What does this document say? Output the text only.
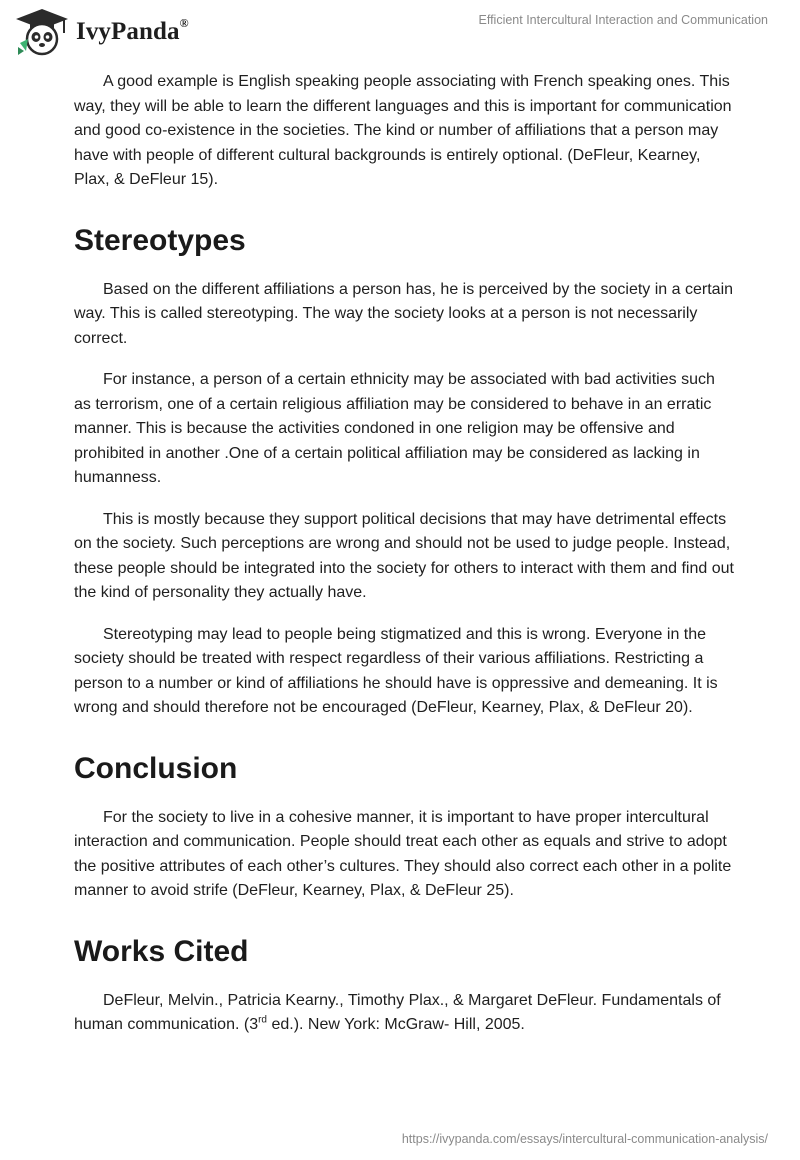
IvyPanda®	Efficient Intercultural Interaction and Communication

A good example is English speaking people associating with French speaking ones. This way, they will be able to learn the different languages and this is important for communication and good co-existence in the societies. The kind or number of affiliations that a person may have with people of different cultural backgrounds is entirely optional. (DeFleur, Kearney, Plax, & DeFleur 15).

Stereotypes

Based on the different affiliations a person has, he is perceived by the society in a certain way. This is called stereotyping. The way the society looks at a person is not necessarily correct.

For instance, a person of a certain ethnicity may be associated with bad activities such as terrorism, one of a certain religious affiliation may be considered to behave in an erratic manner. This is because the activities condoned in one religion may be offensive and prohibited in another .One of a certain political affiliation may be considered as lacking in humanness.

This is mostly because they support political decisions that may have detrimental effects on the society. Such perceptions are wrong and should not be used to judge people. Instead, these people should be integrated into the society for others to interact with them and find out the kind of personality they actually have.

Stereotyping may lead to people being stigmatized and this is wrong. Everyone in the society should be treated with respect regardless of their various affiliations. Restricting a person to a number or kind of affiliations he should have is oppressive and demeaning. It is wrong and should therefore not be encouraged (DeFleur, Kearney, Plax, & DeFleur 20).

Conclusion

For the society to live in a cohesive manner, it is important to have proper intercultural interaction and communication. People should treat each other as equals and strive to adopt the positive attributes of each other’s cultures. They should also correct each other in a polite manner to avoid strife (DeFleur, Kearney, Plax, & DeFleur 25).

Works Cited

DeFleur, Melvin., Patricia Kearny., Timothy Plax., & Margaret DeFleur. Fundamentals of human communication. (3rd ed.). New York: McGraw- Hill, 2005.

https://ivypanda.com/essays/intercultural-communication-analysis/
